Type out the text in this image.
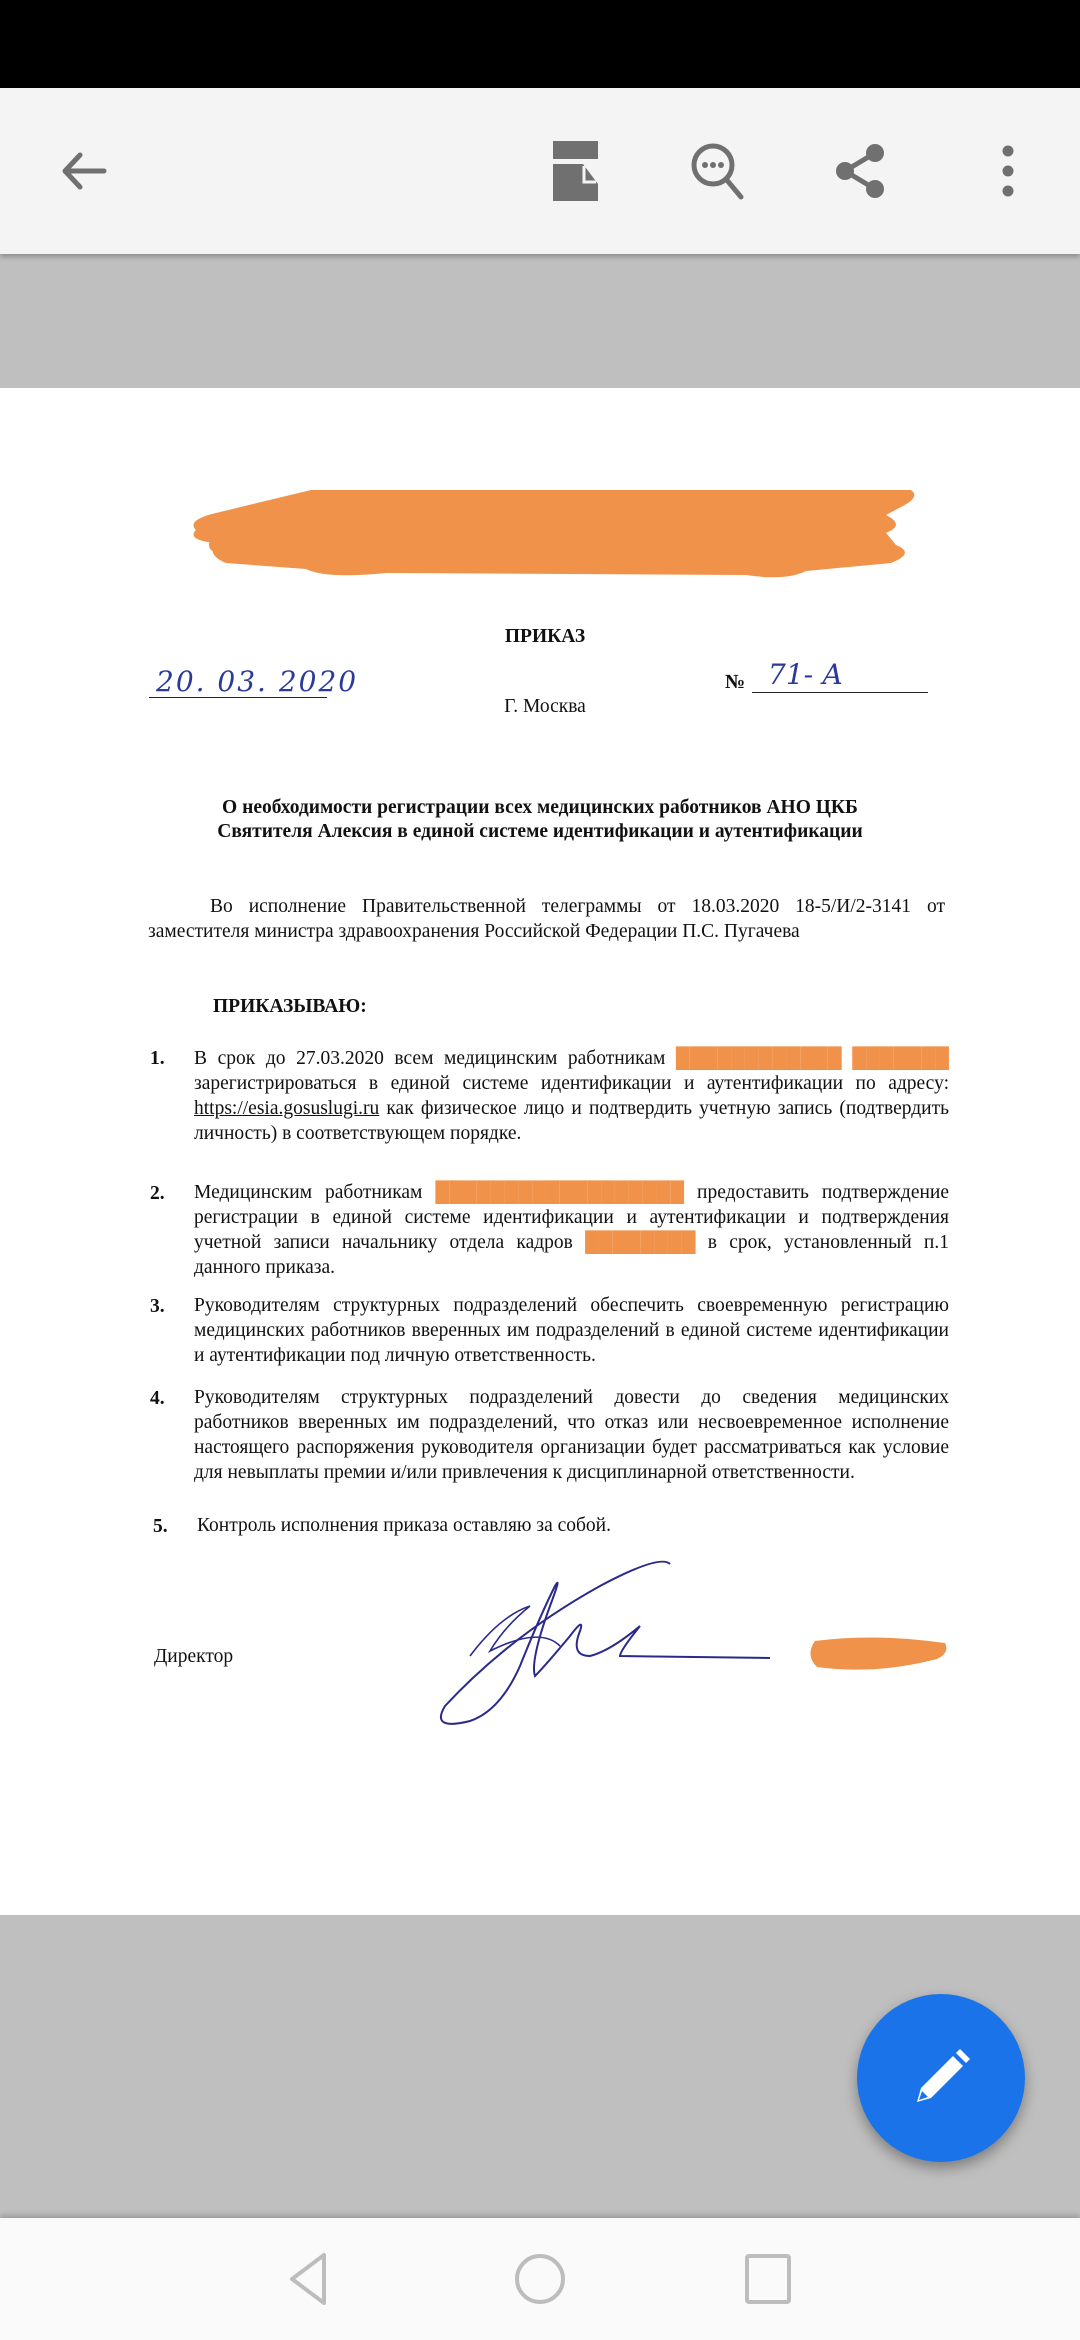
ПРИКАЗ
20. 03. 2020	№ 71- А
Г. Москва
О необходимости регистрации всех медицинских работников АНО ЦКБ
Святителя Алексия в единой системе идентификации и аутентификации
Во исполнение Правительственной телеграммы от 18.03.2020 18-5/И/2-3141 от заместителя министра здравоохранения Российской Федерации П.С. Пугачева
ПРИКАЗЫВАЮ:
1. В срок до 27.03.2020 всем медицинским работникам ████████████ ███████ зарегистрироваться в единой системе идентификации и аутентификации по адресу: https://esia.gosuslugi.ru как физическое лицо и подтвердить учетную запись (подтвердить личность) в соответствующем порядке.
2. Медицинским работникам ██████████████████ предоставить подтверждение регистрации в единой системе идентификации и аутентификации и подтверждения учетной записи начальнику отдела кадров ████████ в срок, установленный п.1 данного приказа.
3. Руководителям структурных подразделений обеспечить своевременную регистрацию медицинских работников вверенных им подразделений в единой системе идентификации и аутентификации под личную ответственность.
4. Руководителям структурных подразделений довести до сведения медицинских работников вверенных им подразделений, что отказ или несвоевременное исполнение настоящего распоряжения руководителя организации будет рассматриваться как условие для невыплаты премии и/или привлечения к дисциплинарной ответственности.
5. Контроль исполнения приказа оставляю за собой.
Директор
